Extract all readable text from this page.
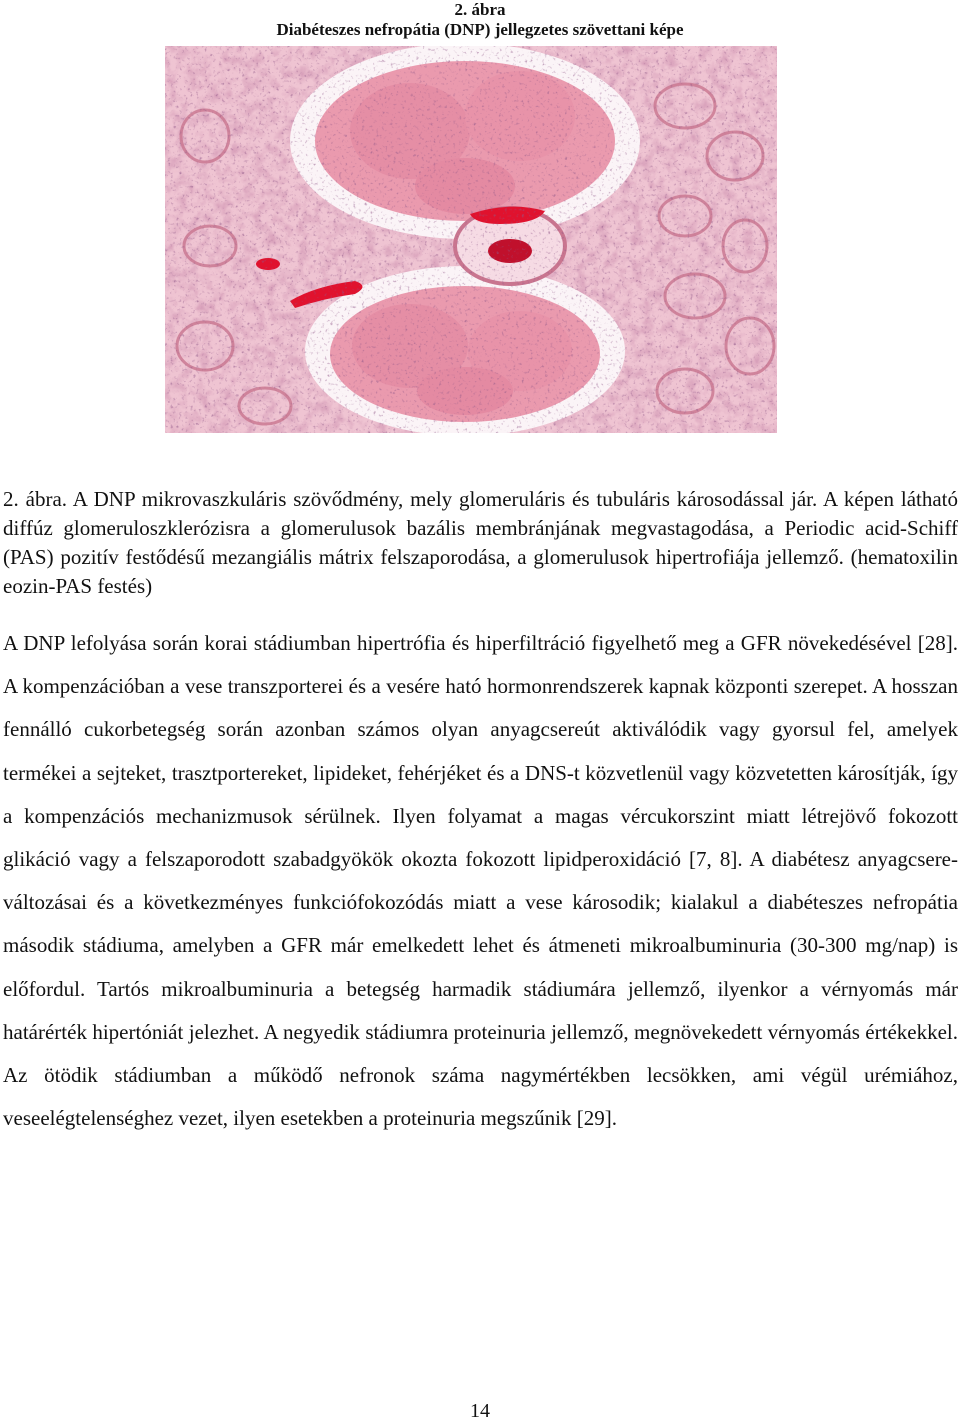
2. ábra
Diabéteszes nefropátia (DNP) jellegzetes szövettani képe

2. ábra. A DNP mikrovaszkuláris szövődmény, mely glomeruláris és tubuláris károsodással jár. A képen látható diffúz glomeruloszklerózisra a glomerulusok bazális membránjának megvastagodása, a Periodic acid-Schiff (PAS) pozitív festődésű mezangiális mátrix felszaporodása, a glomerulusok hipertrofiája jellemző. (hematoxilin eozin-PAS festés)

A DNP lefolyása során korai stádiumban hipertrófia és hiperfiltráció figyelhető meg a GFR növekedésével [28]. A kompenzációban a vese transzporterei és a vesére ható hormonrendszerek kapnak központi szerepet. A hosszan fennálló cukorbetegség során azonban számos olyan anyagcsereút aktiválódik vagy gyorsul fel, amelyek termékei a sejteket, trasztportereket, lipideket, fehérjéket és a DNS-t közvetlenül vagy közvetetten károsítják, így a kompenzációs mechanizmusok sérülnek. Ilyen folyamat a magas vércukorszint miatt létrejövő fokozott glikáció vagy a felszaporodott szabadgyökök okozta fokozott lipidperoxidáció [7, 8]. A diabétesz anyagcsere-változásai és a következményes funkciófokozódás miatt a vese károsodik; kialakul a diabéteszes nefropátia második stádiuma, amelyben a GFR már emelkedett lehet és átmeneti mikroalbuminuria (30-300 mg/nap) is előfordul. Tartós mikroalbuminuria a betegség harmadik stádiumára jellemző, ilyenkor a vérnyomás már határérték hipertóniát jelezhet. A negyedik stádiumra proteinuria jellemző, megnövekedett vérnyomás értékekkel. Az ötödik stádiumban a működő nefronok száma nagymértékben lecsökken, ami végül urémiához, veseelégtelenséghez vezet, ilyen esetekben a proteinuria megszűnik [29].

14
